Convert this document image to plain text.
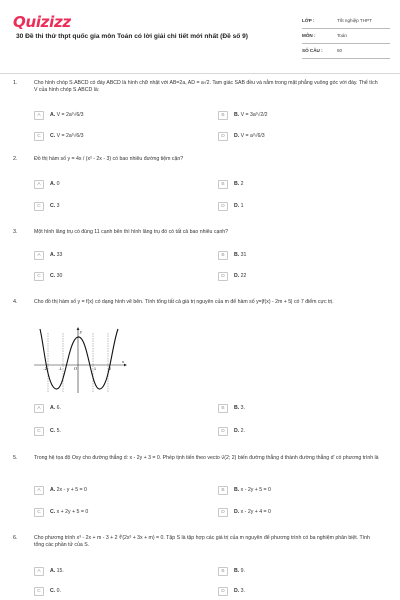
Quizizz
30 Đề thi thử thpt quốc gia môn Toán có lời giải chi tiết mới nhất (Đề số 9)
LỚP :	Tốt nghiệp THPT
MÔN :	Toán
SỐ CÂU :	50
1.	Cho hình chóp S.ABCD có đáy ABCD là hình chữ nhật với AB=2a, AD = a√2. Tam giác SAB đều và nằm trong mặt phẳng vuông góc với đáy. Thể tích V của hình chóp S.ABCD là:
A	A. V = 2a³√6/3	B	B. V = 3a³√2/2
C	C. V = 2a³√6/3	D	D. V = a³√6/3
2.	Đồ thị hàm số y = 4x / (x² - 2x - 3) có bao nhiêu đường tiệm cận?
A	A. 0	B	B. 2
C	C. 3	D	D. 1
3.	Một hình lăng trụ có đúng 11 cạnh bên thì hình lăng trụ đó có tất cả bao nhiêu cạnh?
A	A. 33	B	B. 31
C	C. 30	D	D. 22
4.	Cho đồ thị hàm số y = f(x) có dạng hình vẽ bên. Tính tổng tất cả giá trị nguyên của m để hàm số y=|f(x) - 2m + 5| có 7 điểm cực trị.
A	A. 6.	B	B. 3.
C	C. 5.	D	D. 2.
x
y
O
-2	-1	1	2
5.	Trong hệ tọa độ Oxy cho đường thẳng d: x - 2y + 3 = 0. Phép tịnh tiến theo vecto v⃗(2; 2) biến đường thẳng d thành đường thẳng d' có phương trình là
A	A. 2x - y + 5 = 0	B	B. x - 2y + 5 = 0
C	C. x + 2y + 5 = 0	D	D. x - 2y + 4 = 0
6.	Cho phương trình x³ - 2x + m - 3 + 2 ∜(2x³ + 3x + m) = 0. Tập S là tập hợp các giá trị của m nguyên để phương trình có ba nghiệm phân biệt. Tính tổng các phần tử của S.
A	A. 15.	B	B. 9.
C	C. 0.	D	D. 3.
